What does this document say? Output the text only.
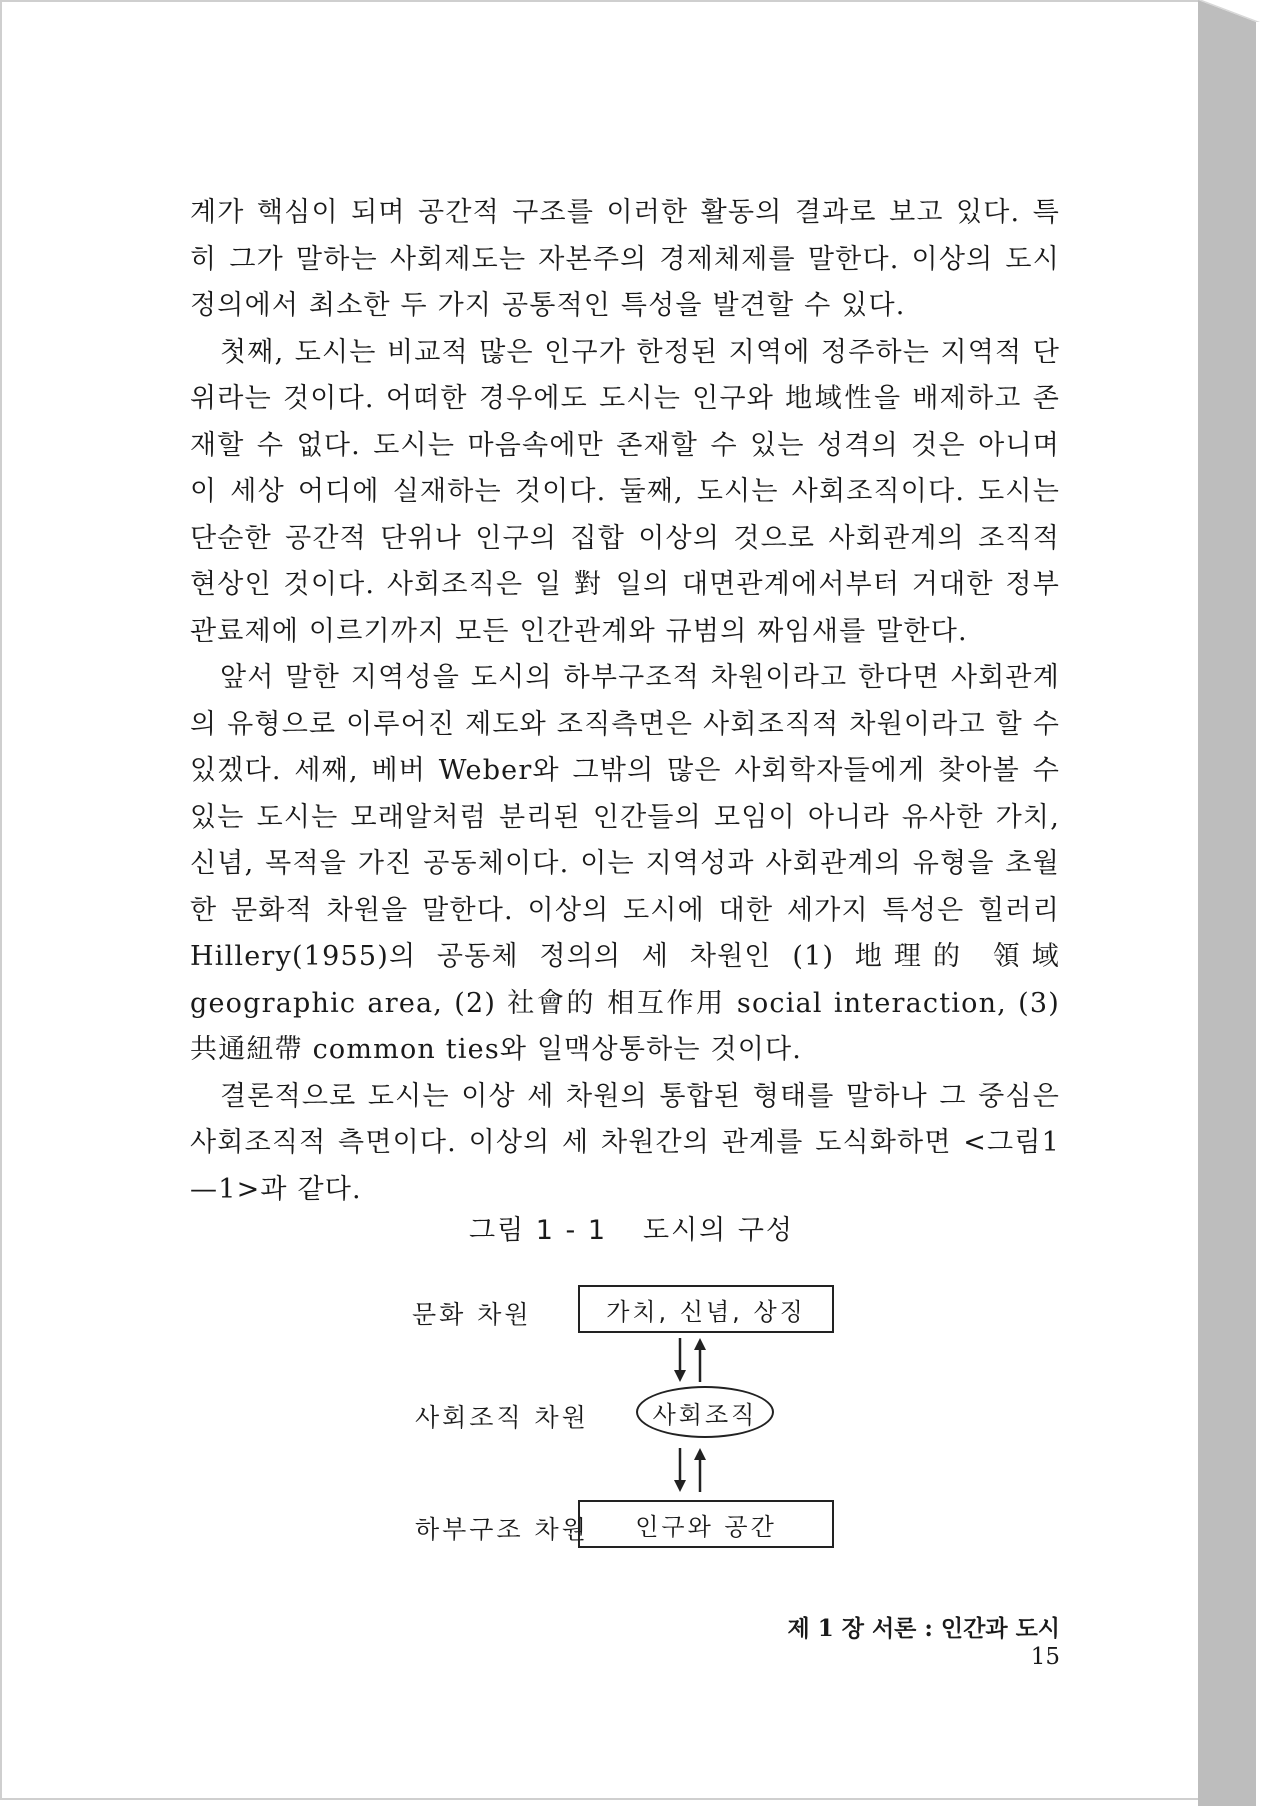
계가 핵심이 되며 공간적 구조를 이러한 활동의 결과로 보고 있다. 특히 그가 말하는 사회제도는 자본주의 경제체제를 말한다. 이상의 도시정의에서 최소한 두 가지 공통적인 특성을 발견할 수 있다.

첫째, 도시는 비교적 많은 인구가 한정된 지역에 정주하는 지역적 단위라는 것이다. 어떠한 경우에도 도시는 인구와 地域性을 배제하고 존재할 수 없다. 도시는 마음속에만 존재할 수 있는 성격의 것은 아니며 이 세상 어디에 실재하는 것이다. 둘째, 도시는 사회조직이다. 도시는 단순한 공간적 단위나 인구의 집합 이상의 것으로 사회관계의 조직적 현상인 것이다. 사회조직은 일 對 일의 대면관계에서부터 거대한 정부 관료제에 이르기까지 모든 인간관계와 규범의 짜임새를 말한다.

앞서 말한 지역성을 도시의 하부구조적 차원이라고 한다면 사회관계의 유형으로 이루어진 제도와 조직측면은 사회조직적 차원이라고 할 수 있겠다. 세째, 베버 Weber와 그밖의 많은 사회학자들에게 찾아볼 수 있는 도시는 모래알처럼 분리된 인간들의 모임이 아니라 유사한 가치, 신념, 목적을 가진 공동체이다. 이는 지역성과 사회관계의 유형을 초월한 문화적 차원을 말한다. 이상의 도시에 대한 세가지 특성은 힐러리 Hillery(1955)의 공동체 정의의 세 차원인 (1) 地理的 領域 geographic area, (2) 社會的 相互作用 social interaction, (3) 共通紐帶 common ties와 일맥상통하는 것이다.

결론적으로 도시는 이상 세 차원의 통합된 형태를 말하나 그 중심은 사회조직적 측면이다. 이상의 세 차원간의 관계를 도식화하면 <그림1—1>과 같다.

그림 1 - 1 도시의 구성
문화 차원	가치, 신념, 상징
사회조직 차원	사회조직
하부구조 차원	인구와 공간
제 1 장 서론 : 인간과 도시15
